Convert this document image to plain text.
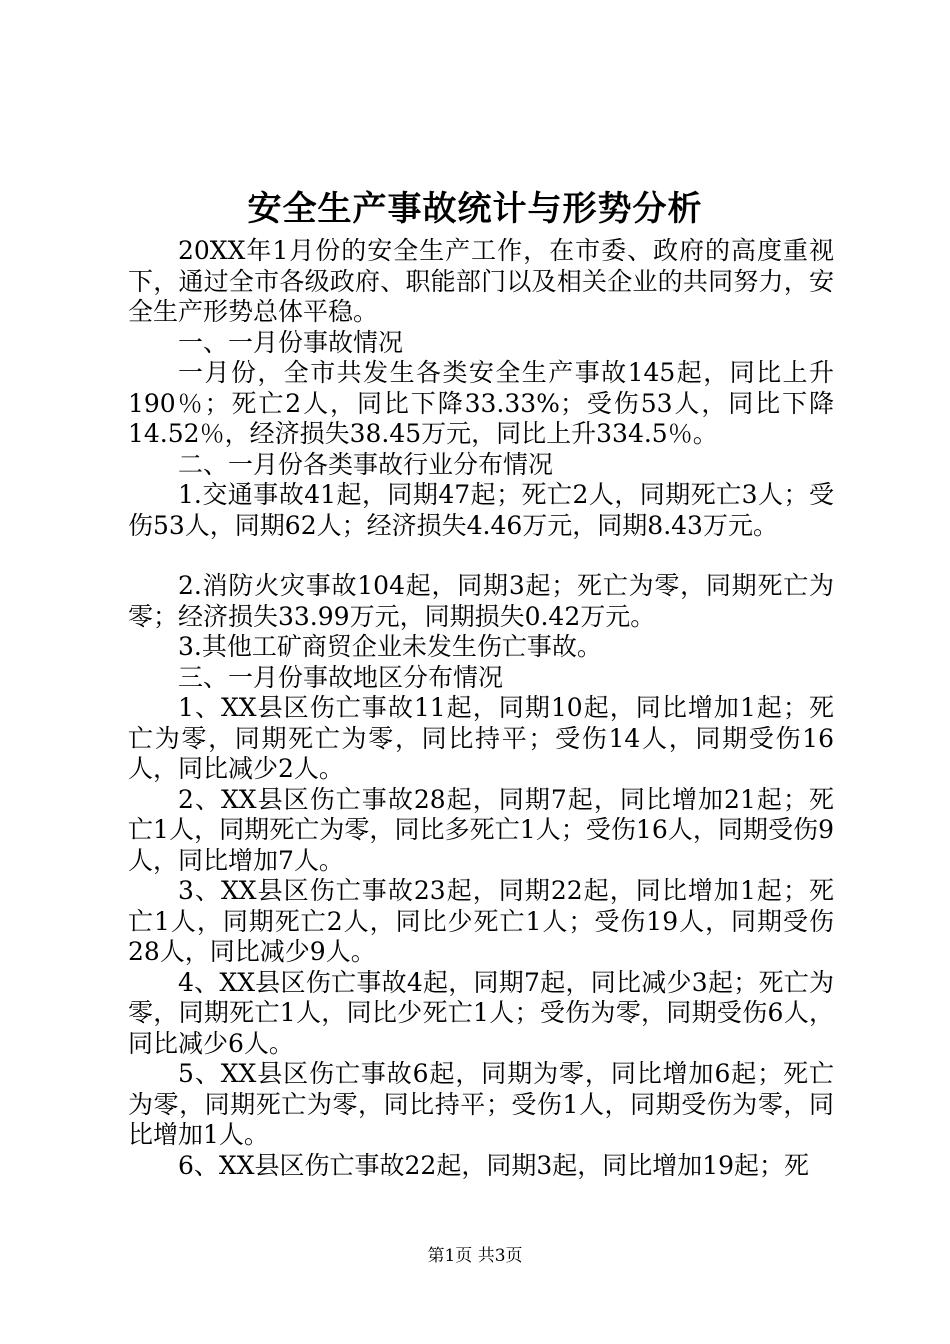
安全生产事故统计与形势分析

20XX年1月份的安全生产工作，在市委、政府的高度重视下，通过全市各级政府、职能部门以及相关企业的共同努力，安全生产形势总体平稳。

一、一月份事故情况

一月份，全市共发生各类安全生产事故145起，同比上升190％；死亡2人，同比下降33.33%；受伤53人，同比下降14.52％，经济损失38.45万元，同比上升334.5％。

二、一月份各类事故行业分布情况

1.交通事故41起，同期47起；死亡2人，同期死亡3人；受伤53人，同期62人；经济损失4.46万元，同期8.43万元。

2.消防火灾事故104起，同期3起；死亡为零，同期死亡为零；经济损失33.99万元，同期损失0.42万元。

3.其他工矿商贸企业未发生伤亡事故。

三、一月份事故地区分布情况

1、XX县区伤亡事故11起，同期10起，同比增加1起；死亡为零，同期死亡为零，同比持平；受伤14人，同期受伤16人，同比减少2人。

2、XX县区伤亡事故28起，同期7起，同比增加21起；死亡1人，同期死亡为零，同比多死亡1人；受伤16人，同期受伤9人，同比增加7人。

3、XX县区伤亡事故23起，同期22起，同比增加1起；死亡1人，同期死亡2人，同比少死亡1人；受伤19人，同期受伤28人，同比减少9人。

4、XX县区伤亡事故4起，同期7起，同比减少3起；死亡为零，同期死亡1人，同比少死亡1人；受伤为零，同期受伤6人，同比减少6人。

5、XX县区伤亡事故6起，同期为零，同比增加6起；死亡为零，同期死亡为零，同比持平；受伤1人，同期受伤为零，同比增加1人。

6、XX县区伤亡事故22起，同期3起，同比增加19起；死

第1页 共3页
